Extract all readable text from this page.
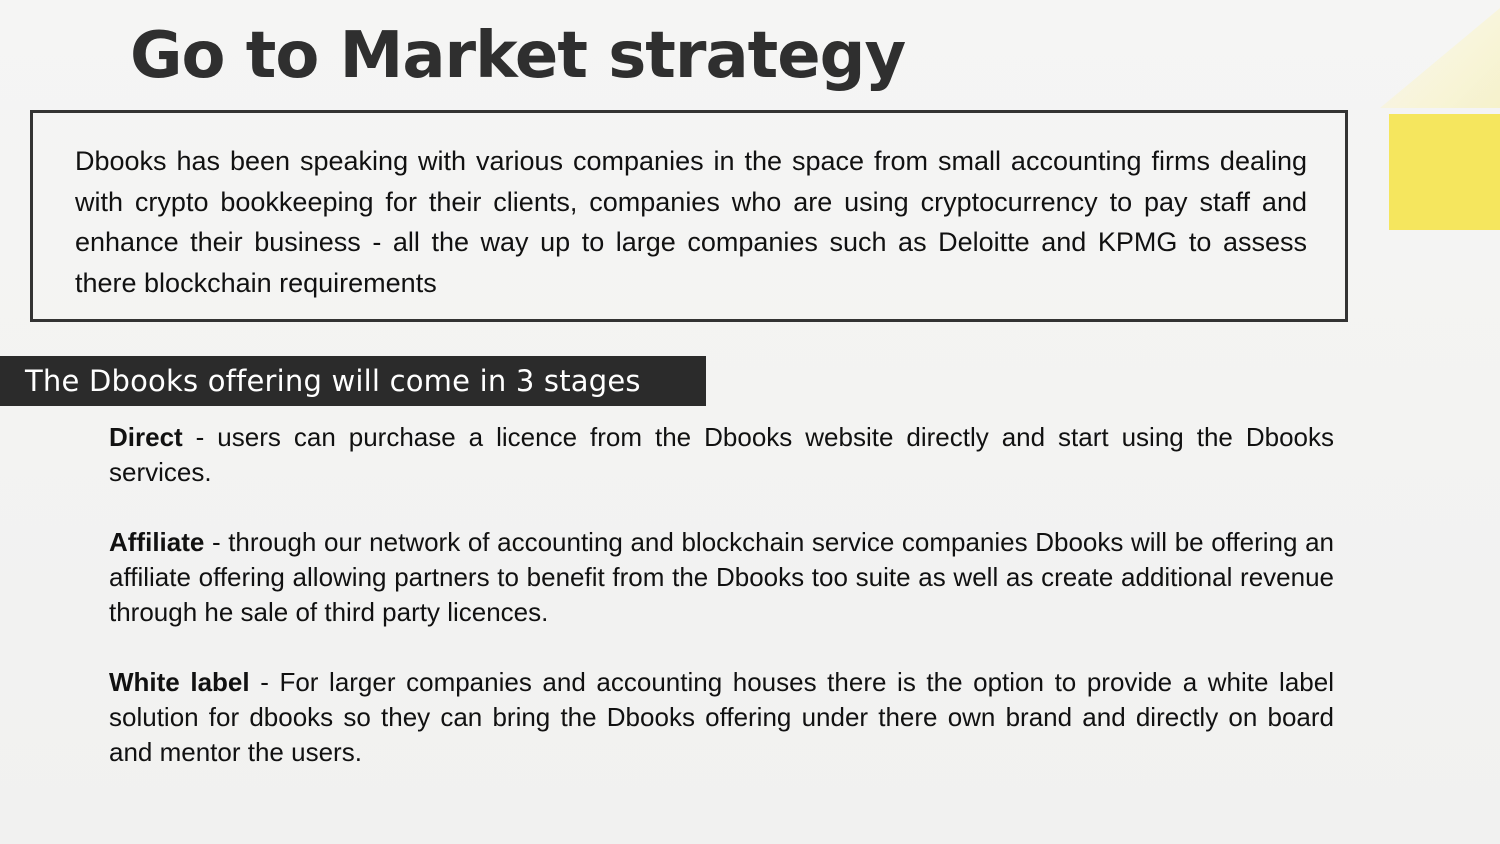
Go to Market strategy

Dbooks has been speaking with various companies in the space from small accounting firms dealing with crypto bookkeeping for their clients, companies who are using cryptocurrency to pay staff and enhance their business - all the way up to large companies such as Deloitte and KPMG to assess there blockchain requirements

The Dbooks offering will come in 3 stages

Direct - users can purchase a licence from the Dbooks website directly and start using the Dbooks services.

Affiliate - through our network of accounting and blockchain service companies Dbooks will be offering an affiliate offering allowing partners to benefit from the Dbooks too suite as well as create additional revenue through he sale of third party licences.

White label - For larger companies and accounting houses there is the option to provide a white label solution for dbooks so they can bring the Dbooks offering under there own brand and directly on board and mentor the users.
